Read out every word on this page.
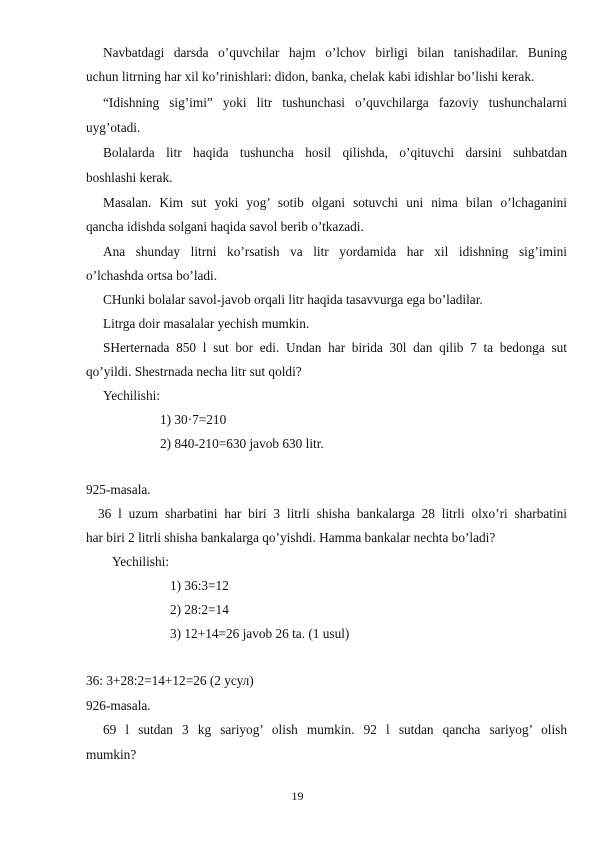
Navbatdagi darsda o’quvchilar hajm o’lchov birligi bilan tanishadilar. Buning
uchun litrning har xil ko’rinishlari: didon, banka, chelak kabi idishlar bo’lishi kerak.
“Idishning sig’imi” yoki litr tushunchasi o’quvchilarga fazoviy tushunchalarni
uyg’otadi.
Bolalarda litr haqida tushuncha hosil qilishda, o’qituvchi darsini suhbatdan
boshlashi kerak.
Masalan. Kim sut yoki yog’ sotib olgani sotuvchi uni nima bilan o’lchaganini
qancha idishda solgani haqida savol berib o’tkazadi.
Ana shunday litrni ko’rsatish va litr yordamida har xil idishning sig’imini
o’lchashda ortsa bo’ladi.
CHunki bolalar savol-javob orqali litr haqida tasavvurga ega bo’ladilar.
Litrga doir masalalar yechish mumkin.
SHerternada 850 l sut bor edi. Undan har birida 30l dan qilib 7 ta bedonga sut
qo’yildi. Shestrnada necha litr sut qoldi?
Yechilishi:
1) 30·7=210
2) 840-210=630 javob 630 litr.
925-masala.
36 l uzum sharbatini har biri 3 litrli shisha bankalarga 28 litrli olxo’ri sharbatini
har biri 2 litrli shisha bankalarga qo’yishdi. Hamma bankalar nechta bo’ladi?
Yechilishi:
1) 36:3=12
2) 28:2=14
3) 12+14=26 javob 26 ta. (1 usul)
36: 3+28:2=14+12=26 (2 усул)
926-masala.
69 l sutdan 3 kg sariyog’ olish mumkin. 92 l sutdan qancha sariyog’ olish
mumkin?
19
